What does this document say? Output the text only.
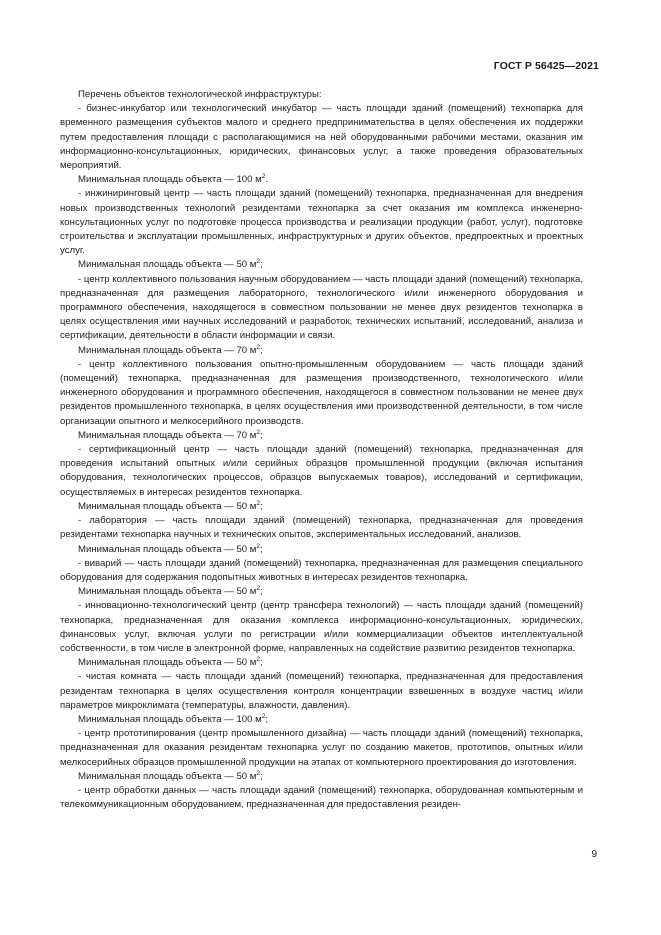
ГОСТ Р 56425—2021

Перечень объектов технологической инфраструктуры:

- бизнес-инкубатор или технологический инкубатор — часть площади зданий (помещений) технопарка для временного размещения субъектов малого и среднего предпринимательства в целях обеспечения их поддержки путем предоставления площади с располагающимися на ней оборудованными рабочими местами, оказания им информационно-консультационных, юридических, финансовых услуг, а также проведения образовательных мероприятий.

Минимальная площадь объекта — 100 $м^2$.

- инжиниринговый центр — часть площади зданий (помещений) технопарка, предназначенная для внедрения новых производственных технологий резидентами технопарка за счет оказания им комплекса инженерно-консультационных услуг по подготовке процесса производства и реализации продукции (работ, услуг), подготовке строительства и эксплуатации промышленных, инфраструктурных и других объектов, предпроектных и проектных услуг.

Минимальная площадь объекта — 50 $м^2$;

- центр коллективного пользования научным оборудованием — часть площади зданий (помещений) технопарка, предназначенная для размещения лабораторного, технологического и/или инженерного оборудования и программного обеспечения, находящегося в совместном пользовании не менее двух резидентов технопарка в целях осуществления ими научных исследований и разработок, технических испытаний, исследований, анализа и сертификации, деятельности в области информации и связи.

Минимальная площадь объекта — 70 $м^2$;

- центр коллективного пользования опытно-промышленным оборудованием — часть площади зданий (помещений) технопарка, предназначенная для размещения производственного, технологического и/или инженерного оборудования и программного обеспечения, находящегося в совместном пользовании не менее двух резидентов промышленного технопарка, в целях осуществления ими производственной деятельности, в том числе организации опытного и мелкосерийного производств.

Минимальная площадь объекта — 70 $м^2$;

- сертификационный центр — часть площади зданий (помещений) технопарка, предназначенная для проведения испытаний опытных и/или серийных образцов промышленной продукции (включая испытания оборудования, технологических процессов, образцов выпускаемых товаров), исследований и сертификации, осуществляемых в интересах резидентов технопарка.

Минимальная площадь объекта — 50 $м^2$;

- лаборатория — часть площади зданий (помещений) технопарка, предназначенная для проведения резидентами технопарка научных и технических опытов, экспериментальных исследований, анализов.

Минимальная площадь объекта — 50 $м^2$;

- виварий — часть площади зданий (помещений) технопарка, предназначенная для размещения специального оборудования для содержания подопытных животных в интересах резидентов технопарка.

Минимальная площадь объекта — 50 $м^2$;

- инновационно-технологический центр (центр трансфера технологий) — часть площади зданий (помещений) технопарка, предназначенная для оказания комплекса информационно-консультационных, юридических, финансовых услуг, включая услуги по регистрации и/или коммерциализации объектов интеллектуальной собственности, в том числе в электронной форме, направленных на содействие развитию резидентов технопарка.

Минимальная площадь объекта — 50 $м^2$;

- чистая комната — часть площади зданий (помещений) технопарка, предназначенная для предоставления резидентам технопарка в целях осуществления контроля концентрации взвешенных в воздухе частиц и/или параметров микроклимата (температуры, влажности, давления).

Минимальная площадь объекта — 100 $м^2$;

- центр прототипирования (центр промышленного дизайна) — часть площади зданий (помещений) технопарка, предназначенная для оказания резидентам технопарка услуг по созданию макетов, прототипов, опытных и/или мелкосерийных образцов промышленной продукции на этапах от компьютерного проектирования до изготовления.

Минимальная площадь объекта — 50 $м^2$;

- центр обработки данных — часть площади зданий (помещений) технопарка, оборудованная компьютерным и телекоммуникационным оборудованием, предназначенная для предоставления резиден-

9
